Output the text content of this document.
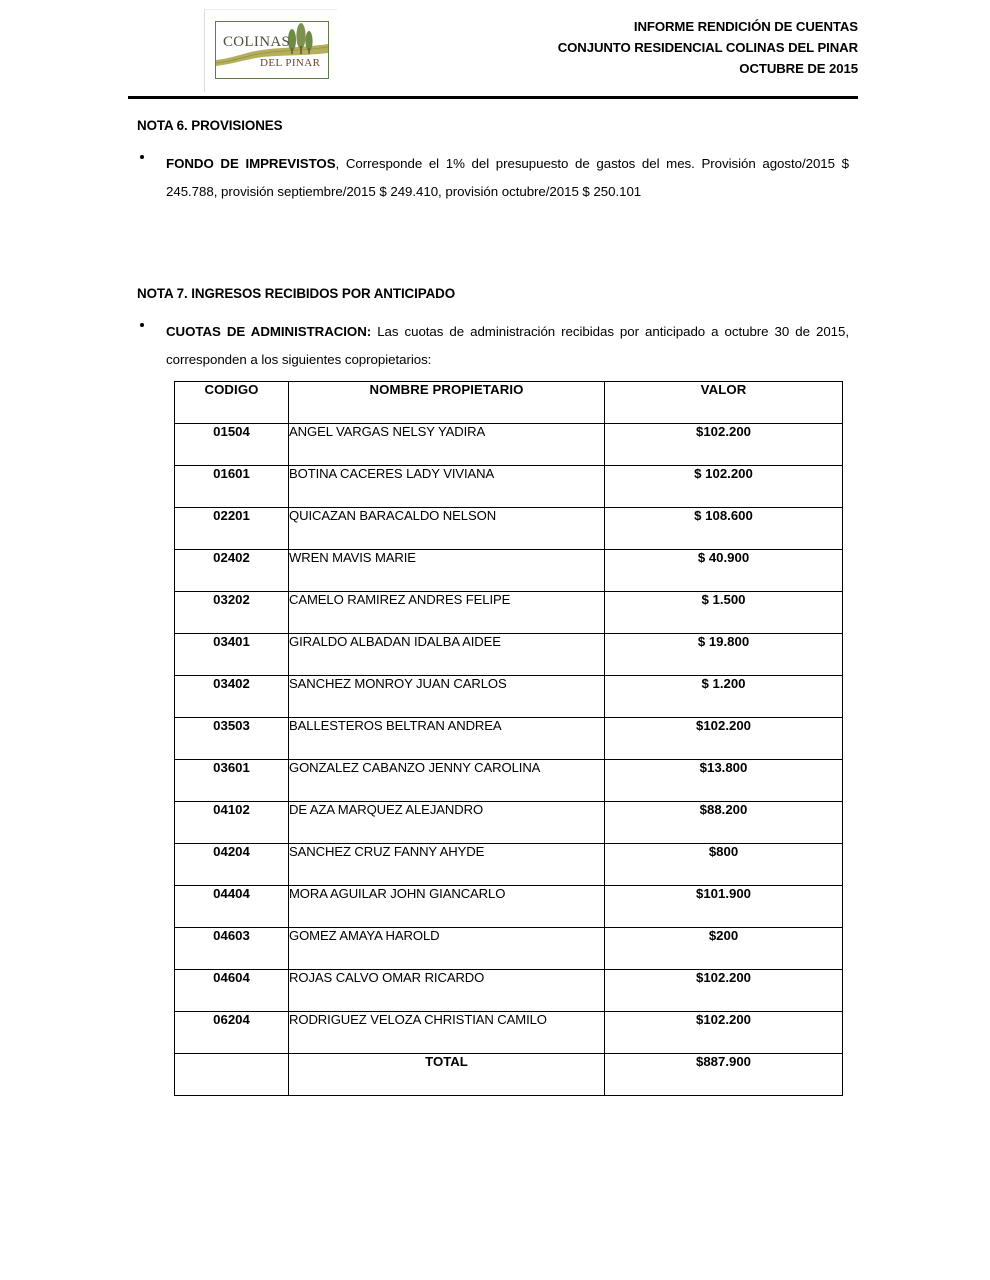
COLINAS
DEL PINAR
INFORME RENDICIÓN DE CUENTAS
CONJUNTO RESIDENCIAL COLINAS DEL PINAR
OCTUBRE DE 2015
NOTA 6. PROVISIONES
FONDO DE IMPREVISTOS, Corresponde el 1% del presupuesto de gastos del mes. Provisión agosto/2015 $ 245.788, provisión septiembre/2015 $ 249.410, provisión octubre/2015 $ 250.101
NOTA 7. INGRESOS RECIBIDOS POR ANTICIPADO
CUOTAS DE ADMINISTRACION: Las cuotas de administración recibidas por anticipado a octubre 30 de 2015, corresponden a los siguientes copropietarios:
CODIGO	NOMBRE PROPIETARIO	VALOR
01504	ANGEL VARGAS NELSY YADIRA	$102.200
01601	BOTINA CACERES LADY VIVIANA	$ 102.200
02201	QUICAZAN BARACALDO NELSON	$ 108.600
02402	WREN MAVIS MARIE	$ 40.900
03202	CAMELO RAMIREZ ANDRES FELIPE	$ 1.500
03401	GIRALDO ALBADAN IDALBA AIDEE	$ 19.800
03402	SANCHEZ MONROY JUAN CARLOS	$ 1.200
03503	BALLESTEROS BELTRAN ANDREA	$102.200
03601	GONZALEZ CABANZO JENNY CAROLINA	$13.800
04102	DE AZA MARQUEZ ALEJANDRO	$88.200
04204	SANCHEZ CRUZ FANNY AHYDE	$800
04404	MORA AGUILAR JOHN GIANCARLO	$101.900
04603	GOMEZ AMAYA HAROLD	$200
04604	ROJAS CALVO OMAR RICARDO	$102.200
06204	RODRIGUEZ VELOZA CHRISTIAN CAMILO	$102.200
	TOTAL	$887.900
